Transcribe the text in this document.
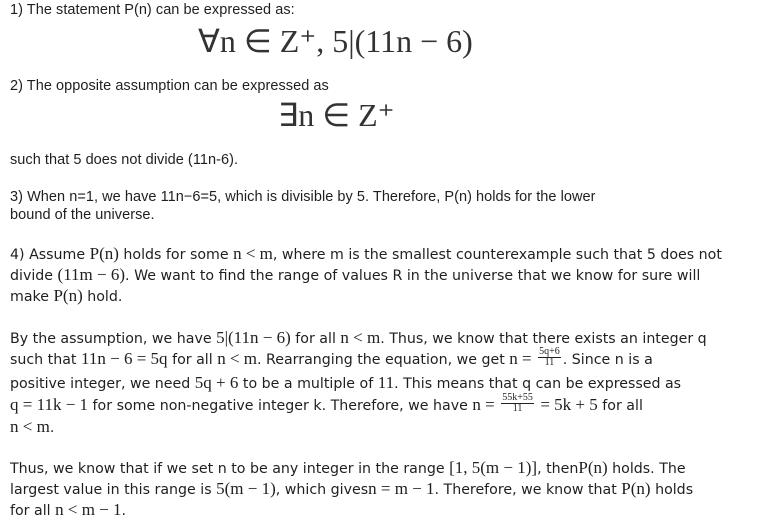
1) The statement P(n) can be expressed as:
∀n ∈ Z⁺, 5|(11n − 6)
2) The opposite assumption can be expressed as
∃n ∈ Z⁺
such that 5 does not divide (11n-6).
3) When n=1, we have 11n−6=5, which is divisible by 5. Therefore, P(n) holds for the lower
bound of the universe.
4) Assume P(n) holds for some n < m, where m is the smallest counterexample such that 5 does not
divide (11m − 6). We want to find the range of values R in the universe that we know for sure will
make P(n) hold.
By the assumption, we have 5|(11n − 6) for all n < m. Thus, we know that there exists an integer q
such that 11n − 6 = 5q for all n < m. Rearranging the equation, we get $n = \frac{5q+6}{11}$ . Since n is a
positive integer, we need 5q + 6 to be a multiple of 11. This means that q can be expressed as
q = 11k − 1 for some non-negative integer k. Therefore, we have $n = \frac{55k+55}{11} = 5k + 5$ for all
n < m.
Thus, we know that if we set n to be any integer in the range [1, 5(m − 1)], thenP(n) holds. The
largest value in this range is 5(m − 1), which givesn = m − 1. Therefore, we know that P(n) holds
for all n < m − 1.
